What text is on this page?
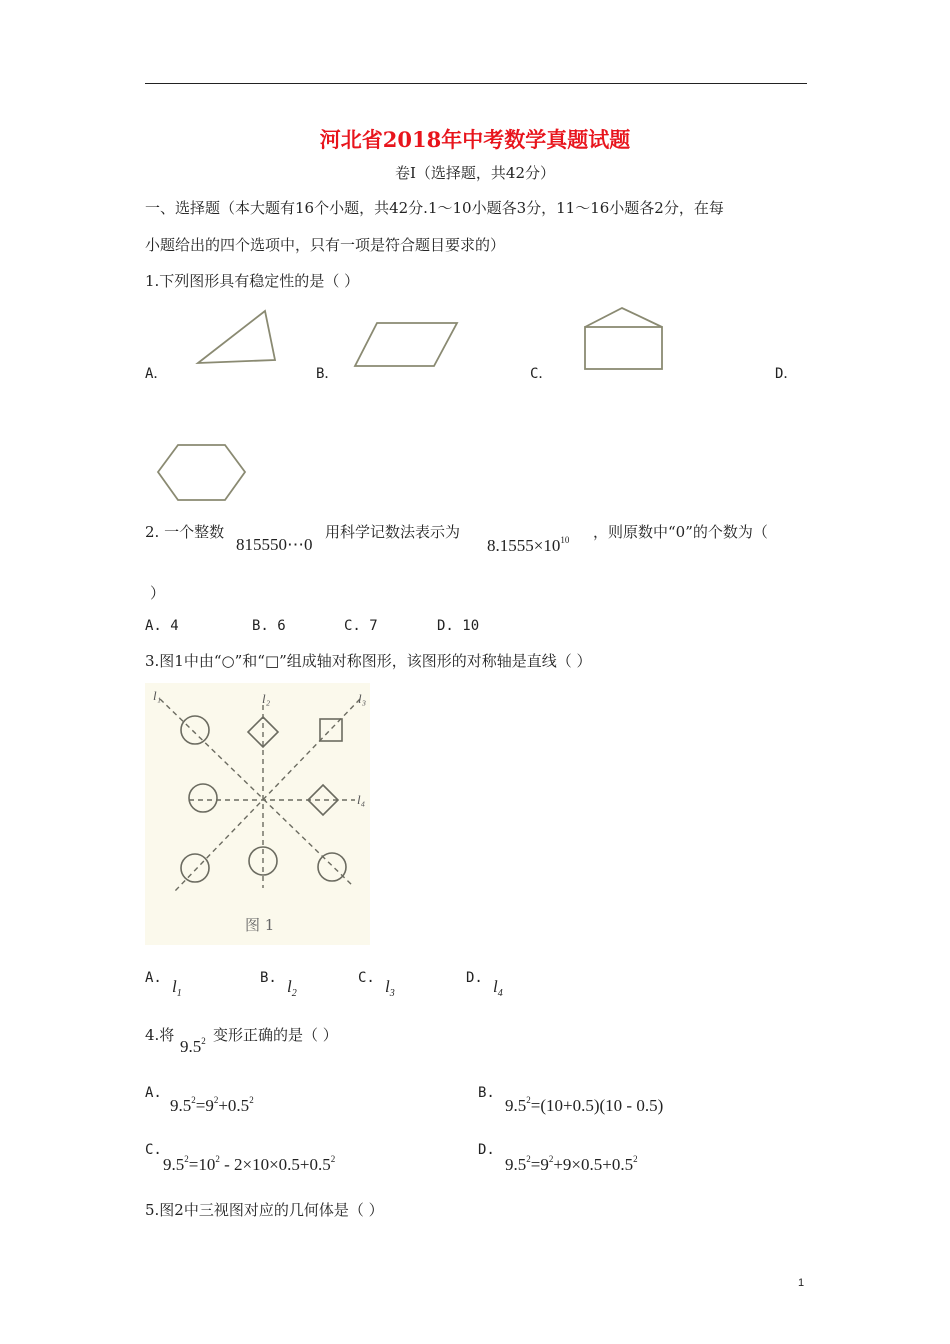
河北省2018年中考数学真题试题
卷Ⅰ（选择题，共42分）
一、选择题（本大题有16个小题，共42分.1～10小题各3分，11～16小题各2分，在每
小题给出的四个选项中，只有一项是符合题目要求的）
1.下列图形具有稳定性的是（ ）
A．	B．	C．	D．
2. 一个整数
815550⋯0
用科学记数法表示为
$8.1555\times 10^{10}$ ，则原数中“0”的个数为（
）
A. 4	B. 6	C. 7	D. 10
3.图1中由“○”和“□”组成轴对称图形，该图形的对称轴是直线（ ）
l₁	l₂	l₃
l₄
图 1
A. $l_1$
B. $l_2$
C. $l_3$
D. $l_4$
4.将
$9.5^2$ 变形正确的是（ ）
A.
$9.5^2=9^2+0.5^2$	B.
$9.5^2=(10+0.5)(10 - 0.5)$
C.
$9.5^2=10^2 - 2\times 10\times 0.5+0.5^2$
D.
$9.5^2=9^2+9\times 0.5+0.5^2$
5.图2中三视图对应的几何体是（ ）
1
